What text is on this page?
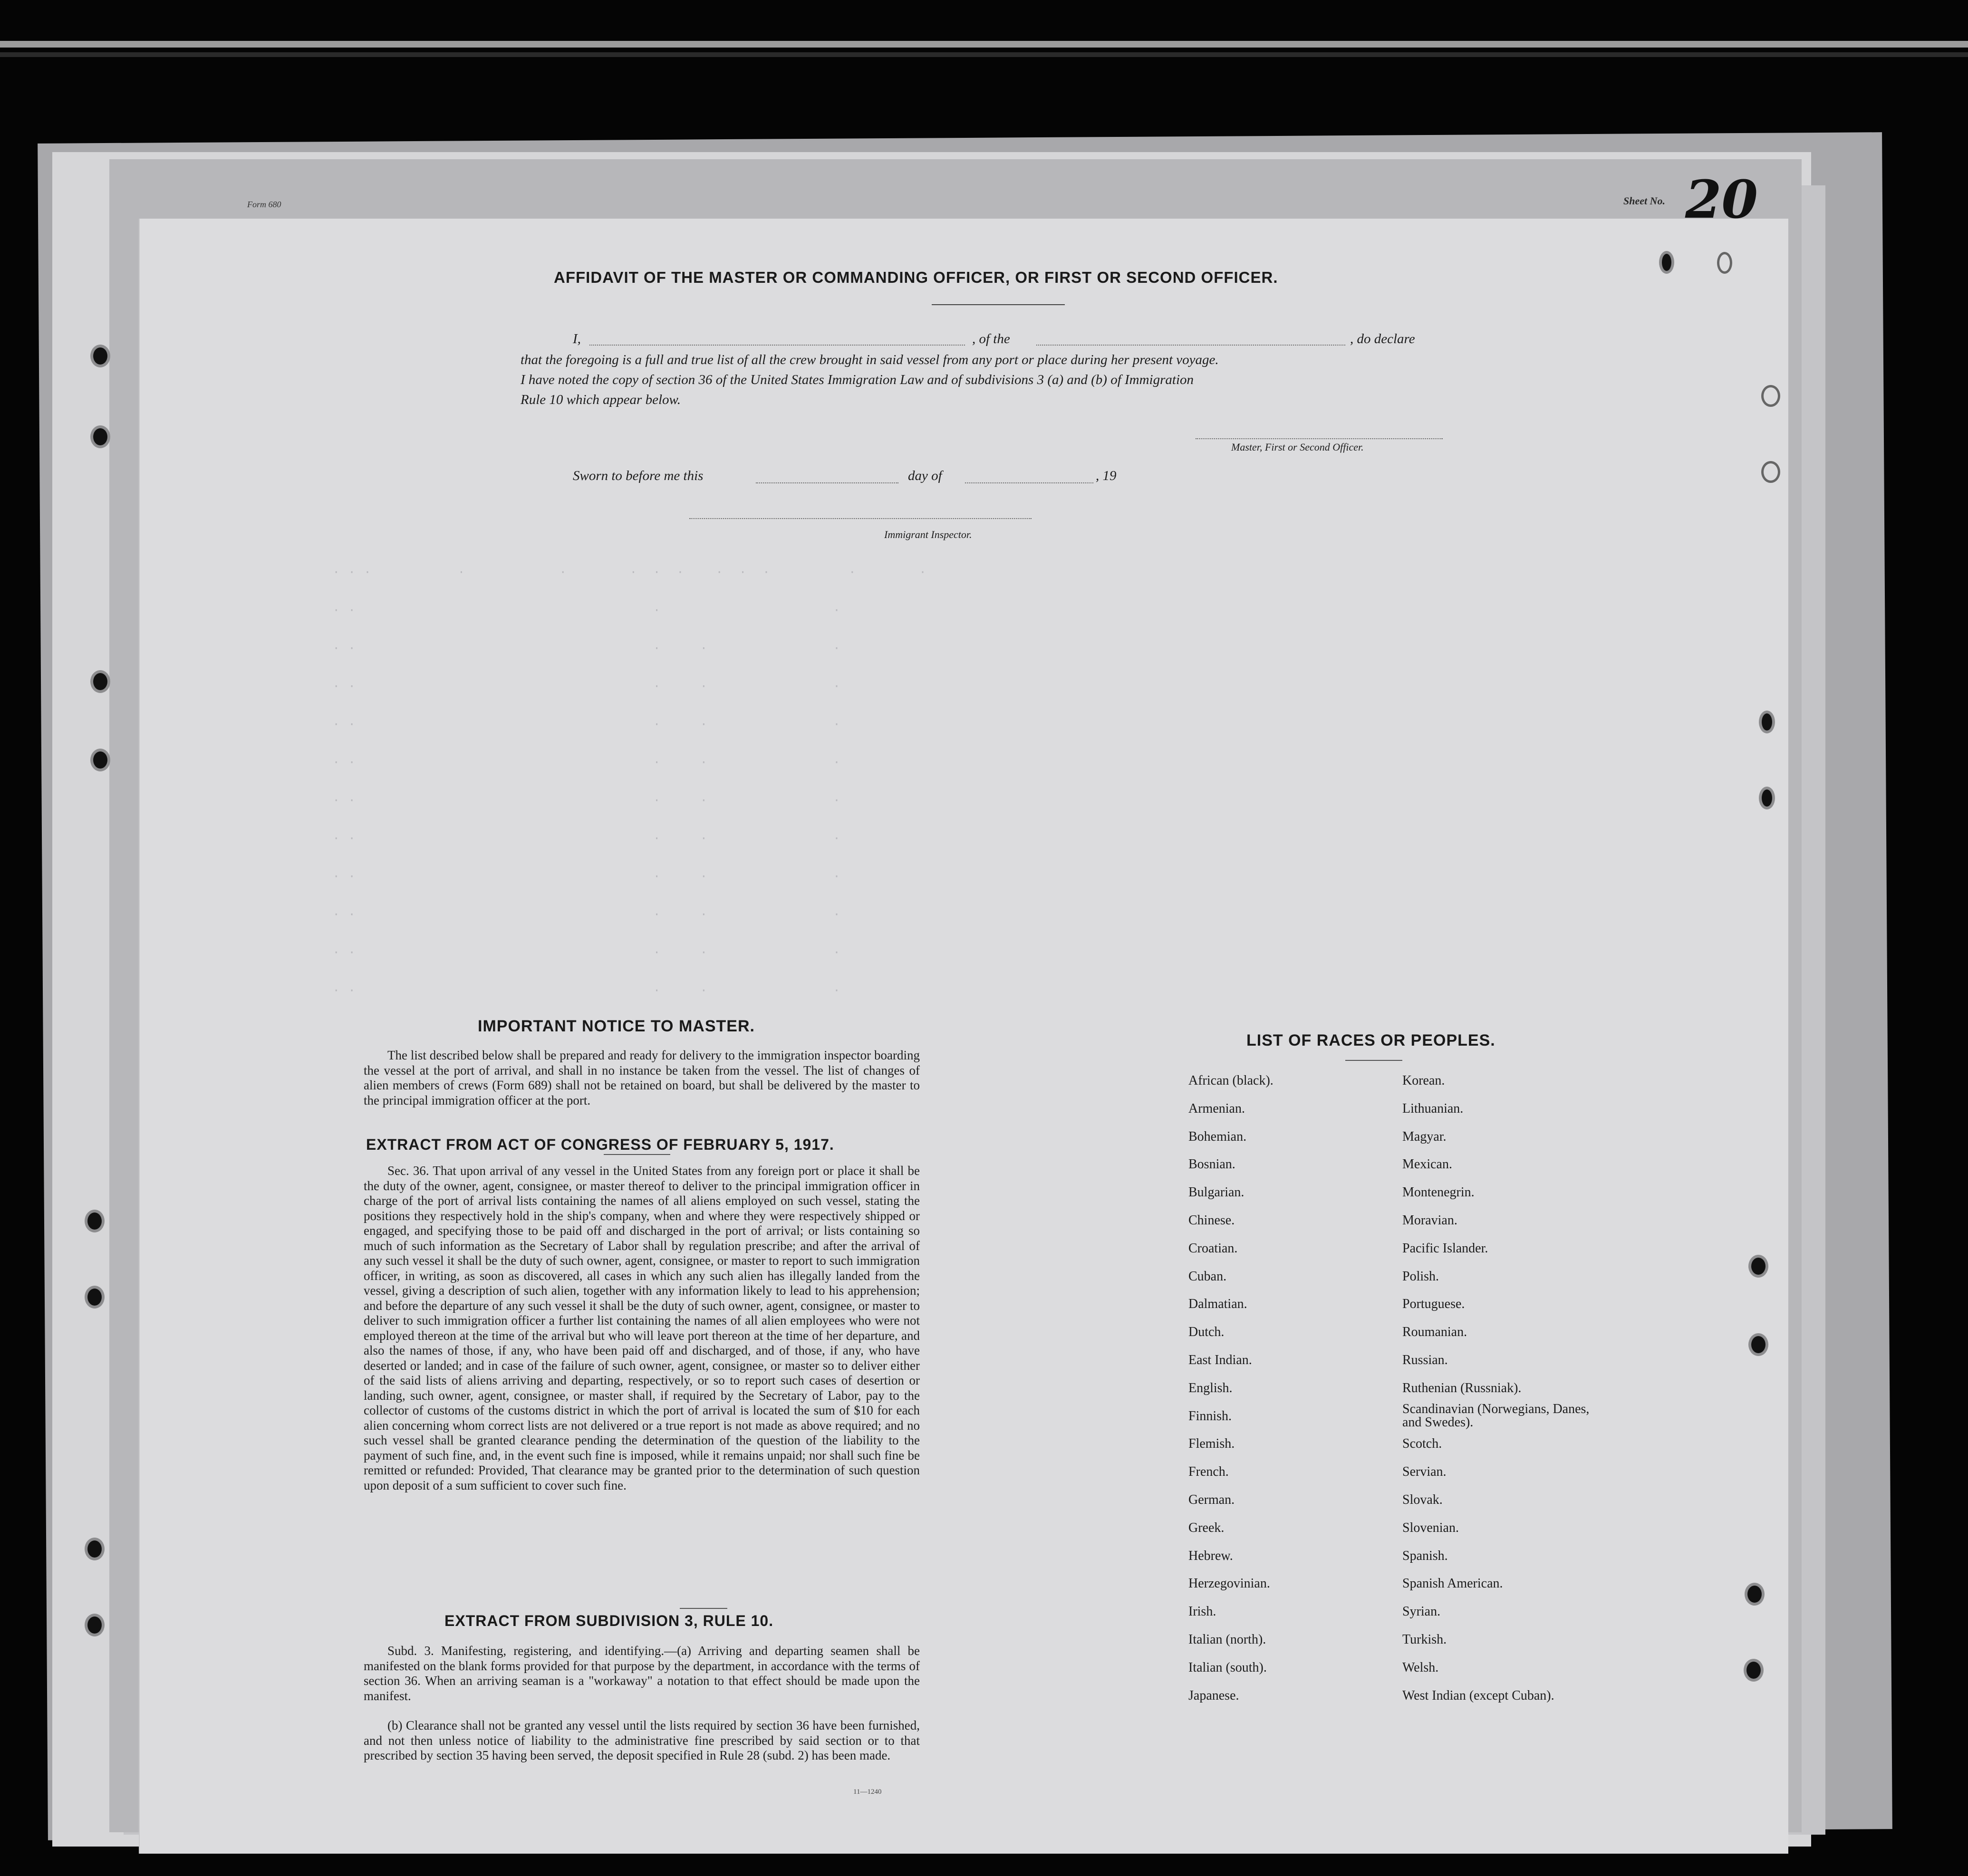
Form 680	Sheet No. 20
· · ·           ·            ·        ·  ·  ·    ·  ·  ·          ·        ·
· ·                                      ·                      ·
· ·                                      ·     ·                ·
· ·                                      ·     ·                ·
· ·                                      ·     ·                ·
· ·                                      ·     ·                ·
· ·                                      ·     ·                ·
· ·                                      ·     ·                ·
· ·                                      ·     ·                ·
· ·                                      ·     ·                ·
· ·                                      ·     ·                ·
· ·                                      ·     ·                ·
AFFIDAVIT OF THE MASTER OR COMMANDING OFFICER, OR FIRST OR SECOND OFFICER.
I,	, of the	, do declare
that the foregoing is a full and true list of all the crew brought in said vessel from any port or place during her present voyage.
I have noted the copy of section 36 of the United States Immigration Law and of subdivisions 3 (a) and (b) of Immigration
Rule 10 which appear below.
Master, First or Second Officer.
Sworn to before me this	day of	, 19
Immigrant Inspector.
IMPORTANT NOTICE TO MASTER.
The list described below shall be prepared and ready for delivery to the immigration inspector boarding the vessel at the port of arrival, and shall in no instance be taken from the vessel. The list of changes of alien members of crews (Form 689) shall not be retained on board, but shall be delivered by the master to the principal immigration officer at the port.
EXTRACT FROM ACT OF CONGRESS OF FEBRUARY 5, 1917.
Sec. 36. That upon arrival of any vessel in the United States from any foreign port or place it shall be the duty of the owner, agent, consignee, or master thereof to deliver to the principal immigration officer in charge of the port of arrival lists containing the names of all aliens employed on such vessel, stating the positions they respectively hold in the ship's company, when and where they were respectively shipped or engaged, and specifying those to be paid off and discharged in the port of arrival; or lists containing so much of such information as the Secretary of Labor shall by regulation prescribe; and after the arrival of any such vessel it shall be the duty of such owner, agent, consignee, or master to report to such immigration officer, in writing, as soon as discovered, all cases in which any such alien has illegally landed from the vessel, giving a description of such alien, together with any information likely to lead to his apprehension; and before the departure of any such vessel it shall be the duty of such owner, agent, consignee, or master to deliver to such immigration officer a further list containing the names of all alien employees who were not employed thereon at the time of the arrival but who will leave port thereon at the time of her departure, and also the names of those, if any, who have been paid off and discharged, and of those, if any, who have deserted or landed; and in case of the failure of such owner, agent, consignee, or master so to deliver either of the said lists of aliens arriving and departing, respectively, or so to report such cases of desertion or landing, such owner, agent, consignee, or master shall, if required by the Secretary of Labor, pay to the collector of customs of the customs district in which the port of arrival is located the sum of $10 for each alien concerning whom correct lists are not delivered or a true report is not made as above required; and no such vessel shall be granted clearance pending the determination of the question of the liability to the payment of such fine, and, in the event such fine is imposed, while it remains unpaid; nor shall such fine be remitted or refunded: Provided, That clearance may be granted prior to the determination of such question upon deposit of a sum sufficient to cover such fine.
EXTRACT FROM SUBDIVISION 3, RULE 10.
Subd. 3. Manifesting, registering, and identifying.—(a) Arriving and departing seamen shall be manifested on the blank forms provided for that purpose by the department, in accordance with the terms of section 36. When an arriving seaman is a "workaway" a notation to that effect should be made upon the manifest.
(b) Clearance shall not be granted any vessel until the lists required by section 36 have been furnished, and not then unless notice of liability to the administrative fine prescribed by said section or to that prescribed by section 35 having been served, the deposit specified in Rule 28 (subd. 2) has been made.
11—1240
LIST OF RACES OR PEOPLES.
African (black).
Armenian.
Bohemian.
Bosnian.
Bulgarian.
Chinese.
Croatian.
Cuban.
Dalmatian.
Dutch.
East Indian.
English.
Finnish.
Flemish.
French.
German.
Greek.
Hebrew.
Herzegovinian.
Irish.
Italian (north).
Italian (south).
Japanese.
Korean.
Lithuanian.
Magyar.
Mexican.
Montenegrin.
Moravian.
Pacific Islander.
Polish.
Portuguese.
Roumanian.
Russian.
Ruthenian (Russniak).
Scandinavian (Norwegians, Danes, and Swedes).
Scotch.
Servian.
Slovak.
Slovenian.
Spanish.
Spanish American.
Syrian.
Turkish.
Welsh.
West Indian (except Cuban).
